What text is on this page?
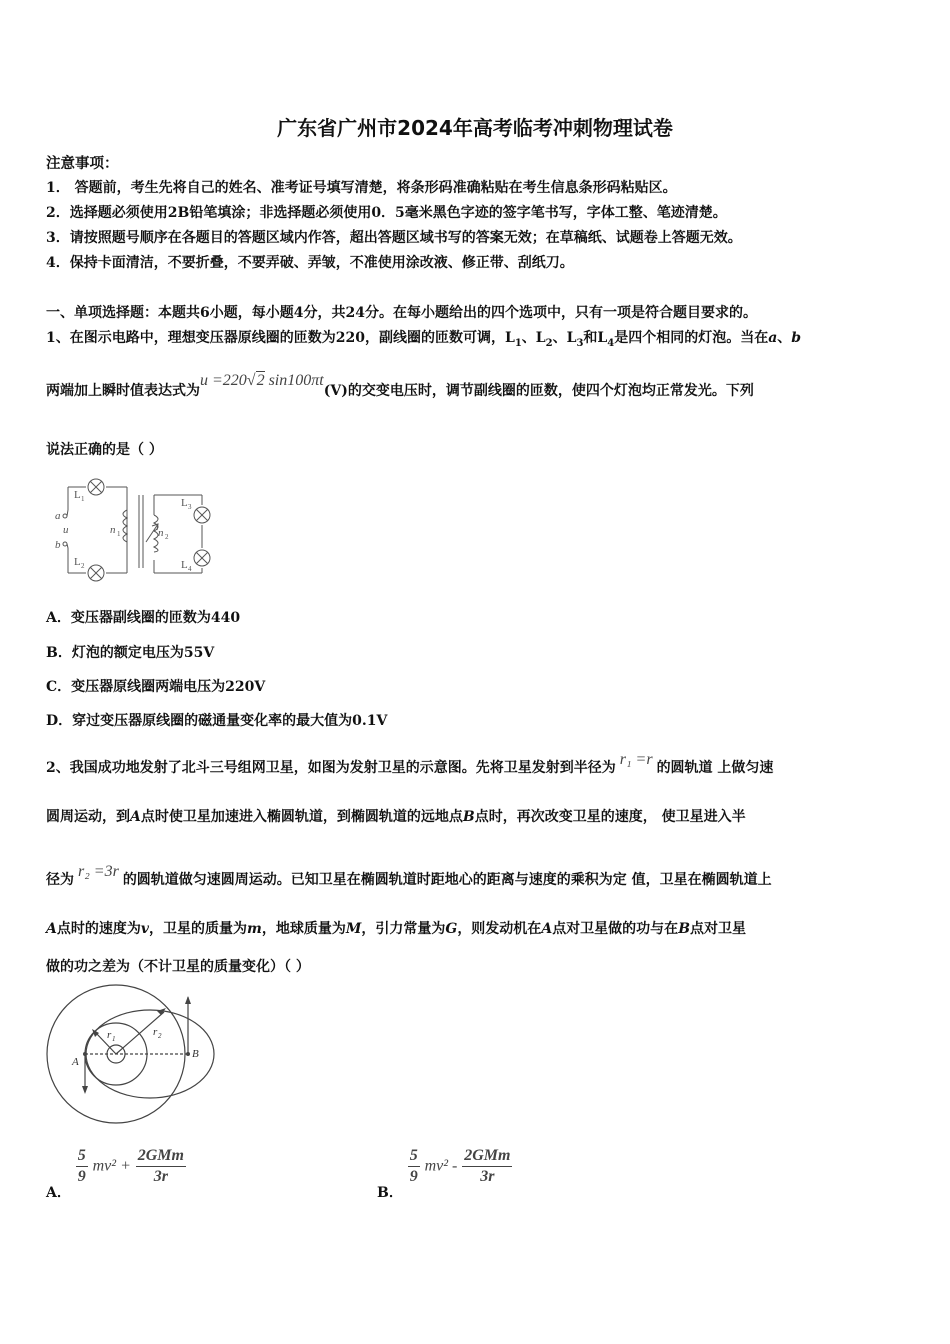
广东省广州市2024年高考临考冲刺物理试卷
注意事项：
1． 答题前，考生先将自己的姓名、准考证号填写清楚，将条形码准确粘贴在考生信息条形码粘贴区。
2．选择题必须使用2B铅笔填涂；非选择题必须使用0．5毫米黑色字迹的签字笔书写，字体工整、笔迹清楚。
3．请按照题号顺序在各题目的答题区域内作答，超出答题区域书写的答案无效；在草稿纸、试题卷上答题无效。
4．保持卡面清洁，不要折叠，不要弄破、弄皱，不准使用涂改液、修正带、刮纸刀。
一、单项选择题：本题共6小题，每小题4分，共24分。在每小题给出的四个选项中，只有一项是符合题目要求的。
1、在图示电路中，理想变压器原线圈的匝数为220，副线圈的匝数可调，$L_1$、$L_2$、$L_3$和$L_4$是四个相同的灯泡。当在a、b
两端加上瞬时值表达式为u =220√2 sin100πt(V)的交变电压时，调节副线圈的匝数，使四个灯泡均正常发光。下列
说法正确的是（ ）
L 1
L 2
L 3
L 4
a
u
b
n 1	n 2
A．变压器副线圈的匝数为440
B．灯泡的额定电压为55V
C．变压器原线圈两端电压为220V
D．穿过变压器原线圈的磁通量变化率的最大值为0.1V
2、我国成功地发射了北斗三号组网卫星，如图为发射卫星的示意图。先将卫星发射到半径为 r₁ =r 的圆轨道 上做匀速
圆周运动，到A点时使卫星加速进入椭圆轨道，到椭圆轨道的远地点B点时，再次改变卫星的速度， 使卫星进入半
径为 r₂ =3r 的圆轨道做匀速圆周运动。已知卫星在椭圆轨道时距地心的距离与速度的乘积为定 值，卫星在椭圆轨道上
A点时的速度为v，卫星的质量为m，地球质量为M，引力常量为G，则发动机在A点对卫星做的功与在B点对卫星
做的功之差为（不计卫星的质量变化）（ ）
r 1
r 2
A
B
A．
$\frac{5}{9} mv^2 + \frac{\text{2GMm}}{3r}$
B．
$\frac{5}{9} mv^2 - \frac{\text{2GMm}}{3r}$
